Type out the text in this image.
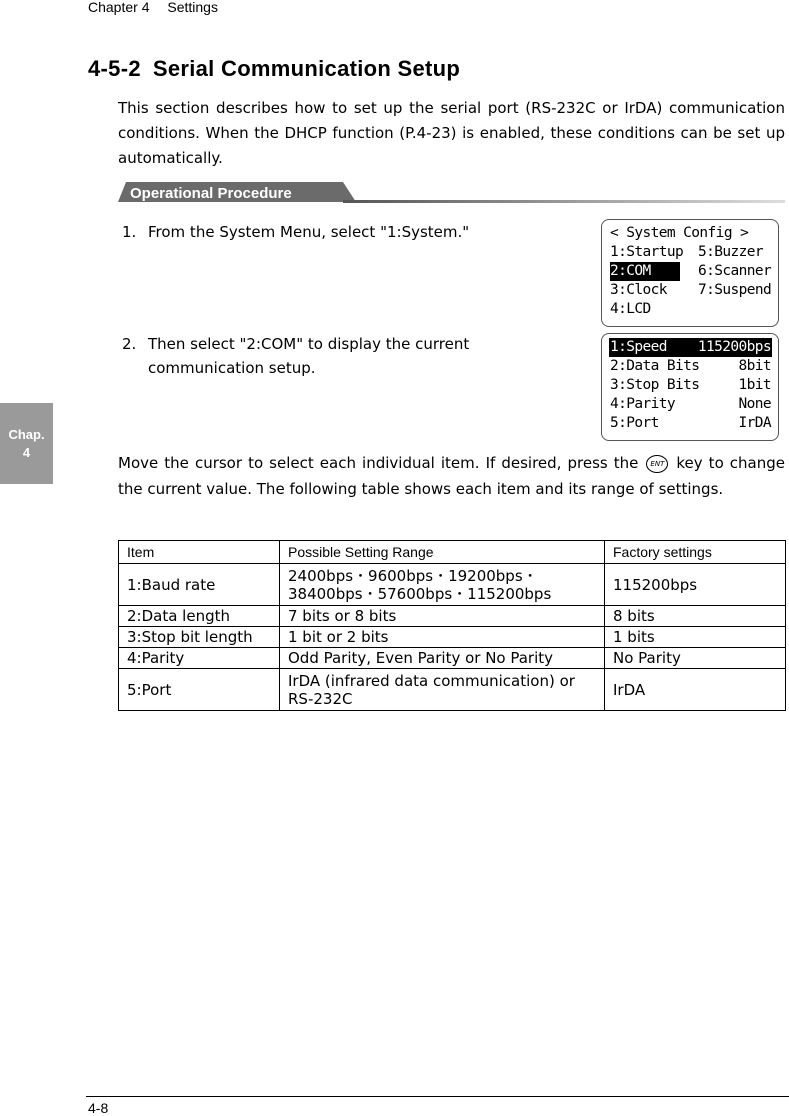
Chapter 4 Settings
Chap.
4
4-5-2 Serial Communication Setup
This section describes how to set up the serial port (RS-232C or IrDA) communication conditions. When the DHCP function (P.4-23) is enabled, these conditions can be set up automatically.
Operational Procedure
1. From the System Menu, select "1:System."
2. Then select "2:COM" to display the current
communication setup.
< System Config >
1:Startup 5:Buzzer
2:COM	6:Scanner
3:Clock 7:Suspend
4:LCD
1:Speed 115200bps
2:Data Bits	8bit
3:Stop Bits	1bit
4:Parity	None
5:Port	IrDA
Move the cursor to select each individual item. If desired, press the ENT key to change the current value. The following table shows each item and its range of settings.
Item	Possible Setting Range	Factory settings
1:Baud rate	2400bps・9600bps・19200bps・38400bps・57600bps・115200bps	115200bps
2:Data length	7 bits or 8 bits	8 bits
3:Stop bit length	1 bit or 2 bits	1 bits
4:Parity	Odd Parity, Even Parity or No Parity	No Parity
5:Port	IrDA (infrared data communication) or RS-232C	IrDA
4-8
